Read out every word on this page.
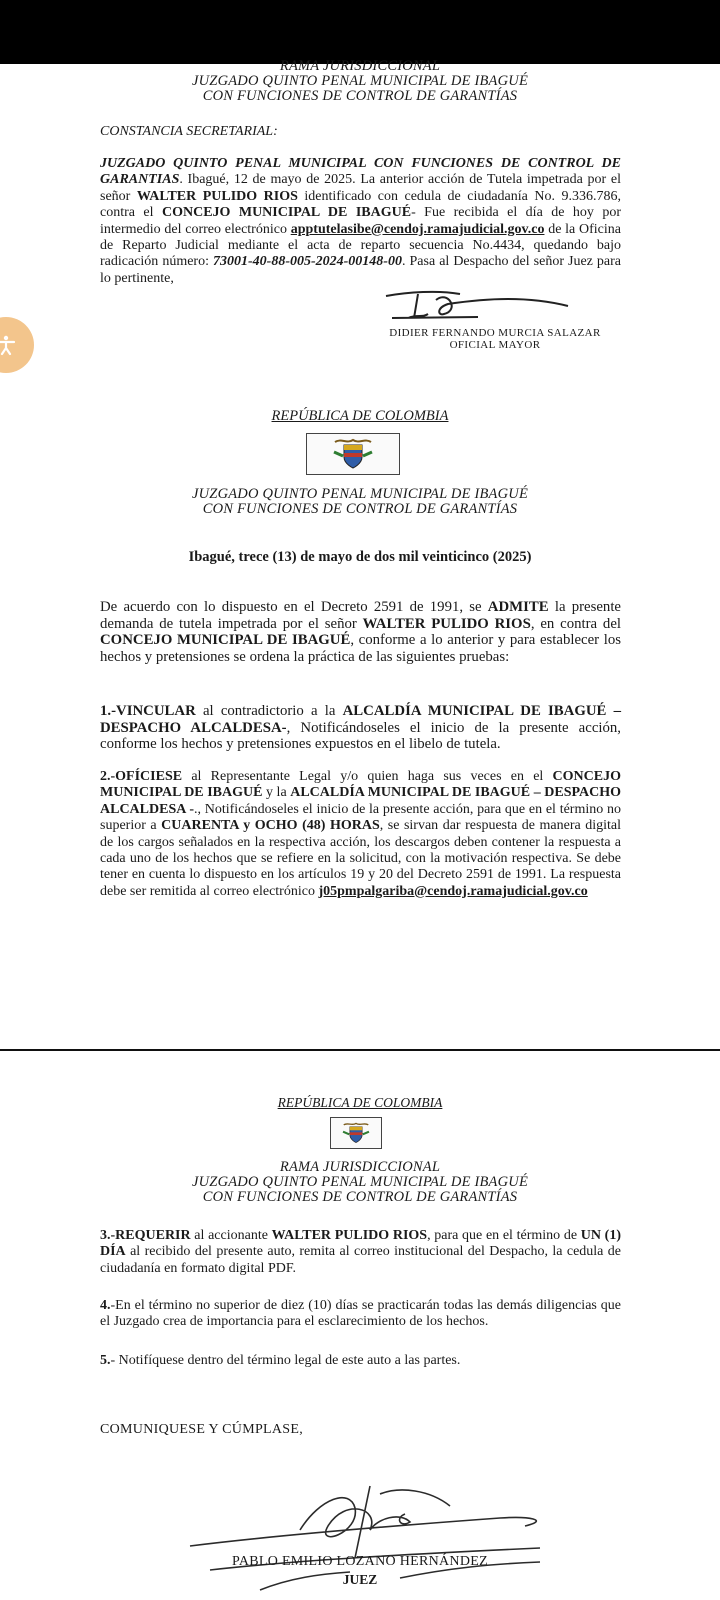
RAMA JURISDICCIONAL
JUZGADO QUINTO PENAL MUNICIPAL DE IBAGUÉ
CON FUNCIONES DE CONTROL DE GARANTÍAS
CONSTANCIA SECRETARIAL:

JUZGADO QUINTO PENAL MUNICIPAL CON FUNCIONES DE CONTROL DE GARANTIAS. Ibagué, 12 de mayo de 2025. La anterior acción de Tutela impetrada por el señor WALTER PULIDO RIOS identificado con cedula de ciudadanía No. 9.336.786, contra el CONCEJO MUNICIPAL DE IBAGUÉ- Fue recibida el día de hoy por intermedio del correo electrónico apptutelasibe@cendoj.ramajudicial.gov.co de la Oficina de Reparto Judicial mediante el acta de reparto secuencia No.4434, quedando bajo radicación número: 73001-40-88-005-2024-00148-00. Pasa al Despacho del señor Juez para lo pertinente,

DIDIER FERNANDO MURCIA SALAZAR
OFICIAL MAYOR
REPÚBLICA DE COLOMBIA
JUZGADO QUINTO PENAL MUNICIPAL DE IBAGUÉ
CON FUNCIONES DE CONTROL DE GARANTÍAS
Ibagué, trece (13) de mayo de dos mil veinticinco (2025)

De acuerdo con lo dispuesto en el Decreto 2591 de 1991, se ADMITE la presente demanda de tutela impetrada por el señor WALTER PULIDO RIOS, en contra del CONCEJO MUNICIPAL DE IBAGUÉ, conforme a lo anterior y para establecer los hechos y pretensiones se ordena la práctica de las siguientes pruebas:

1.-VINCULAR al contradictorio a la ALCALDÍA MUNICIPAL DE IBAGUÉ – DESPACHO ALCALDESA-, Notificándoseles el inicio de la presente acción, conforme los hechos y pretensiones expuestos en el libelo de tutela.

2.-OFÍCIESE al Representante Legal y/o quien haga sus veces en el CONCEJO MUNICIPAL DE IBAGUÉ y la ALCALDÍA MUNICIPAL DE IBAGUÉ – DESPACHO ALCALDESA -., Notificándoseles el inicio de la presente acción, para que en el término no superior a CUARENTA y OCHO (48) HORAS, se sirvan dar respuesta de manera digital de los cargos señalados en la respectiva acción, los descargos deben contener la respuesta a cada uno de los hechos que se refiere en la solicitud, con la motivación respectiva. Se debe tener en cuenta lo dispuesto en los artículos 19 y 20 del Decreto 2591 de 1991. La respuesta debe ser remitida al correo electrónico j05pmpalgariba@cendoj.ramajudicial.gov.co

REPÚBLICA DE COLOMBIA
RAMA JURISDICCIONAL
JUZGADO QUINTO PENAL MUNICIPAL DE IBAGUÉ
CON FUNCIONES DE CONTROL DE GARANTÍAS

3.-REQUERIR al accionante WALTER PULIDO RIOS, para que en el término de UN (1) DÍA al recibido del presente auto, remita al correo institucional del Despacho, la cedula de ciudadanía en formato digital PDF.

4.-En el término no superior de diez (10) días se practicarán todas las demás diligencias que el Juzgado crea de importancia para el esclarecimiento de los hechos.

5.- Notifíquese dentro del término legal de este auto a las partes.

COMUNIQUESE Y CÚMPLASE,
PABLO EMILIO LOZANO HERNÁNDEZ
JUEZ
